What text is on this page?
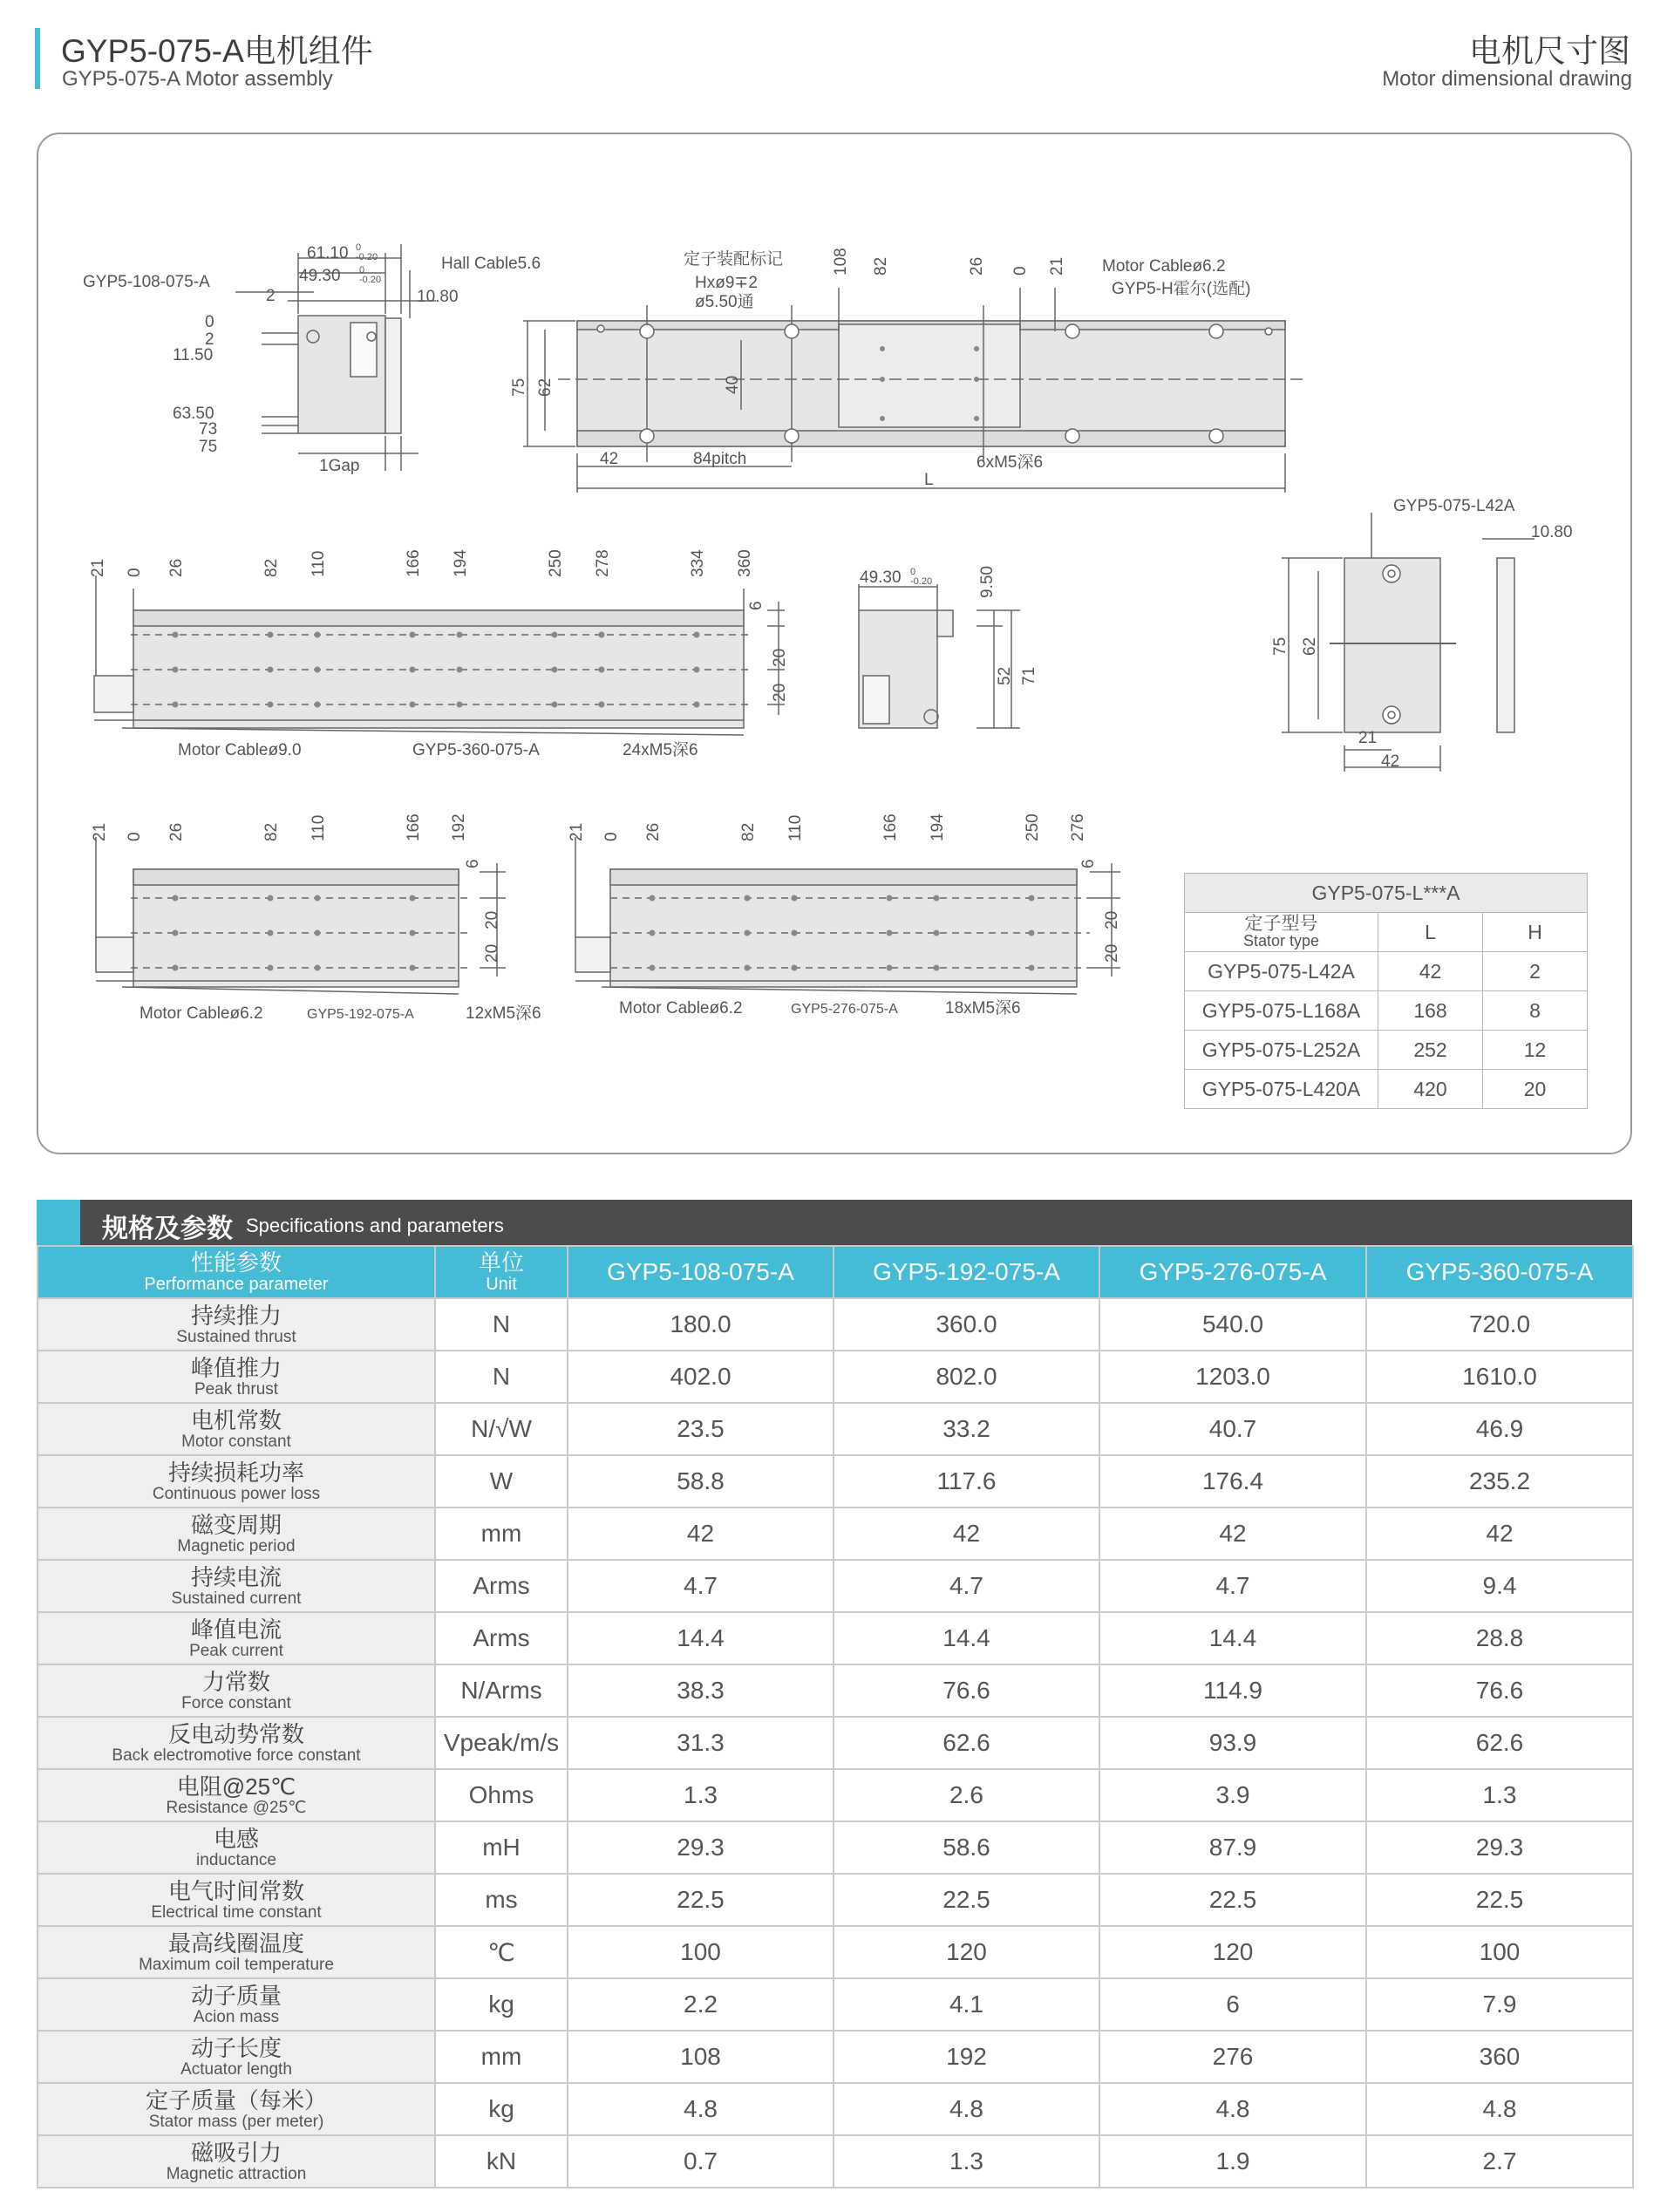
GYP5-075-A电机组件
GYP5-075-A Motor assembly
电机尺寸图
Motor dimensional drawing
GYP5-108-075-A
61.10 0
-0.20
49.30 0
-0.20
Hall Cable5.6
10.80
2
0
2
11.50
63.50
73
75
1Gap
定子装配标记
Hxø9∓2
ø5.50通
Motor Cableø6.2
GYP5-H霍尔(选配)
108 82	26 0 21
75 62	40
42	84pitch	6xM5深6
L
21 0 26	82 110	166 194	250 278	334 360
6
20
20
Motor Cableø9.0	GYP5-360-075-A	24xM5深6
49.30 0
-0.20	9.50
52 71
GYP5-075-L42A
10.80
75 62
21
42
21 0 26	82 110	166 192
6
20
20
Motor Cableø6.2	GYP5-192-075-A	12xM5深6
21 0 26	82 110	166 194	250 276
6
20
20
Motor Cableø6.2	GYP5-276-075-A	18xM5深6
GYP5-075-L***A		

定子型号
Stator type	L	H
GYP5-075-L42A	42	2
GYP5-075-L168A	168	8
GYP5-075-L252A	252	12
GYP5-075-L420A	420	20
规格及参数 Specifications and parameters
性能参数
Performance parameter	单位
Unit	GYP5-108-075-A	GYP5-192-075-A	GYP5-276-075-A	GYP5-360-075-A

持续推力
Sustained thrust	N	180.0	360.0	540.0	720.0

峰值推力
Peak thrust	N	402.0	802.0	1203.0	1610.0

电机常数
Motor constant	N/√W	23.5	33.2	40.7	46.9

持续损耗功率
Continuous power loss	W	58.8	117.6	176.4	235.2

磁变周期
Magnetic period	mm	42	42	42	42

持续电流
Sustained current	Arms	4.7	4.7	4.7	9.4

峰值电流
Peak current	Arms	14.4	14.4	14.4	28.8

力常数
Force constant	N/Arms	38.3	76.6	114.9	76.6

反电动势常数
Back electromotive force constant	Vpeak/m/s	31.3	62.6	93.9	62.6

电阻@25℃
Resistance @25℃	Ohms	1.3	2.6	3.9	1.3

电感
inductance	mH	29.3	58.6	87.9	29.3

电气时间常数
Electrical time constant	ms	22.5	22.5	22.5	22.5

最高线圈温度
Maximum coil temperature	℃	100	120	120	100

动子质量
Acion mass	kg	2.2	4.1	6	7.9

动子长度
Actuator length	mm	108	192	276	360

定子质量（每米）
Stator mass (per meter)	kg	4.8	4.8	4.8	4.8

磁吸引力
Magnetic attraction	kN	0.7	1.3	1.9	2.7
